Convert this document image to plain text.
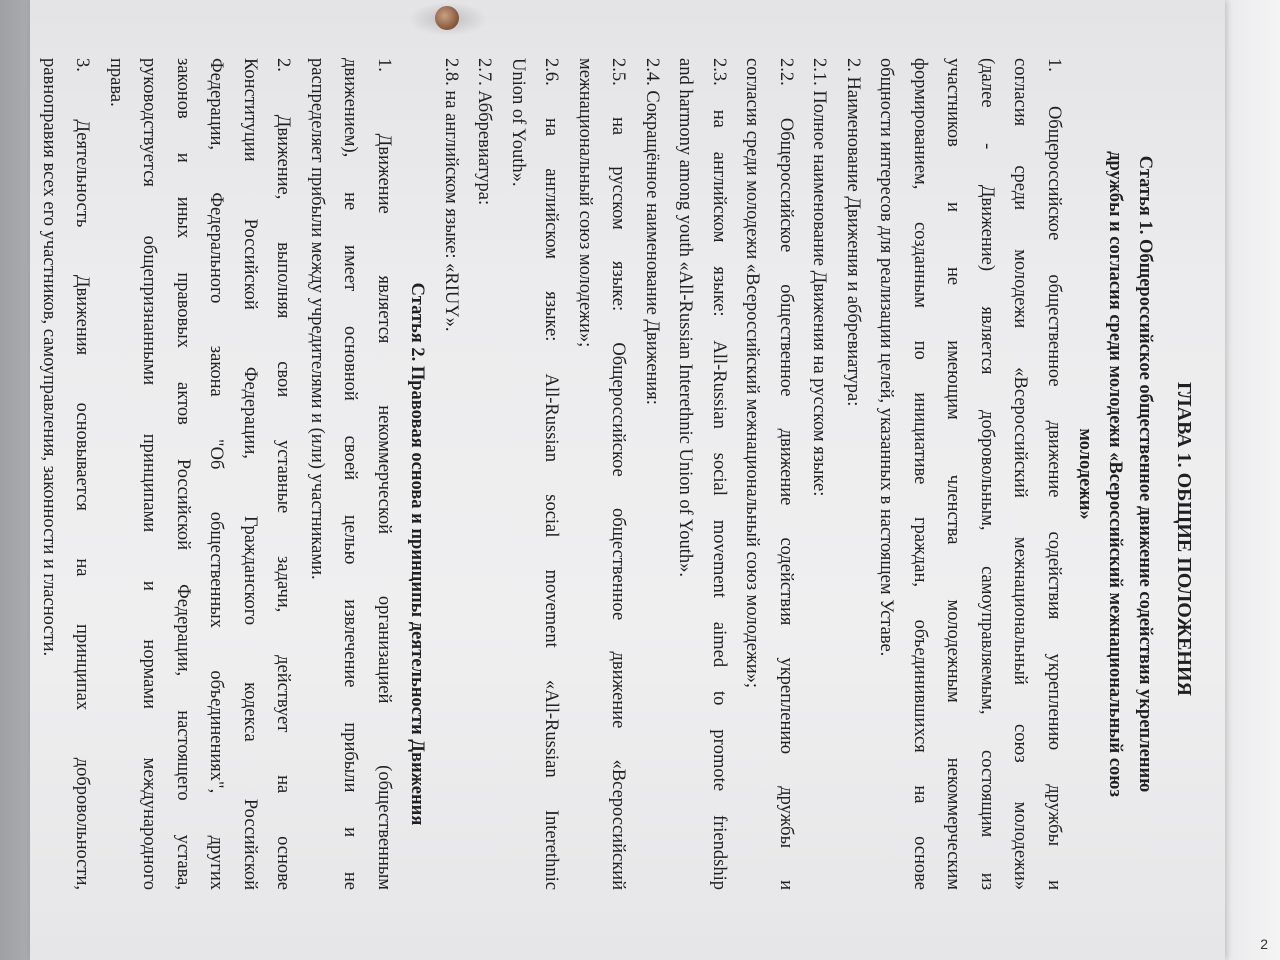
2
ГЛАВА 1. ОБЩИЕ ПОЛОЖЕНИЯ
Статья 1. Общероссийское общественное движение содействия укреплению
дружбы и согласия среди молодежи «Всероссийский межнациональный союз
молодежи»
1. Общероссийское общественное движение содействия укреплению дружбы и
согласия среди молодежи «Всероссийский межнациональный союз молодежи»
(далее - Движение) является добровольным, самоуправляемым, состоящим из
участников и не имеющим членства молодежным некоммерческим
формированием, созданным по инициативе граждан, объединившихся на основе
общности интересов для реализации целей, указанных в настоящем Уставе.
2. Наименование Движения и аббревиатура:
2.1. Полное наименование Движения на русском языке:
2.2. Общероссийское общественное движение содействия укреплению дружбы и
согласия среди молодежи «Всероссийский межнациональный союз молодежи»;
2.3. на английском языке: All-Russian social movement aimed to promote friendship
and harmony among youth «All-Russian Interethnic Union of Youth».
2.4. Сокращённое наименование Движения:
2.5. на русском языке: Общероссийское общественное движение «Всероссийский
межнациональный союз молодежи»;
2.6. на английском языке: All-Russian social movement «All-Russian Interethnic
Union of Youth».
2.7. Аббревиатура:
2.8. на английском языке: «RIUY».
Статья 2. Правовая основа и принципы деятельности Движения
1. Движение является некоммерческой организацией (общественным
движением), не имеет основной своей целью извлечение прибыли и не
распределяет прибыли между учредителями и (или) участниками.
2. Движение, выполняя свои уставные задачи, действует на основе
Конституции Российской Федерации, Гражданского кодекса Российской
Федерации, Федерального закона "Об общественных объединениях", других
законов и иных правовых актов Российской Федерации, настоящего устава,
руководствуется общепризнанными принципами и нормами международного
права.
3. Деятельность Движения основывается на принципах добровольности,
равноправия всех его участников, самоуправления, законности и гласности.
